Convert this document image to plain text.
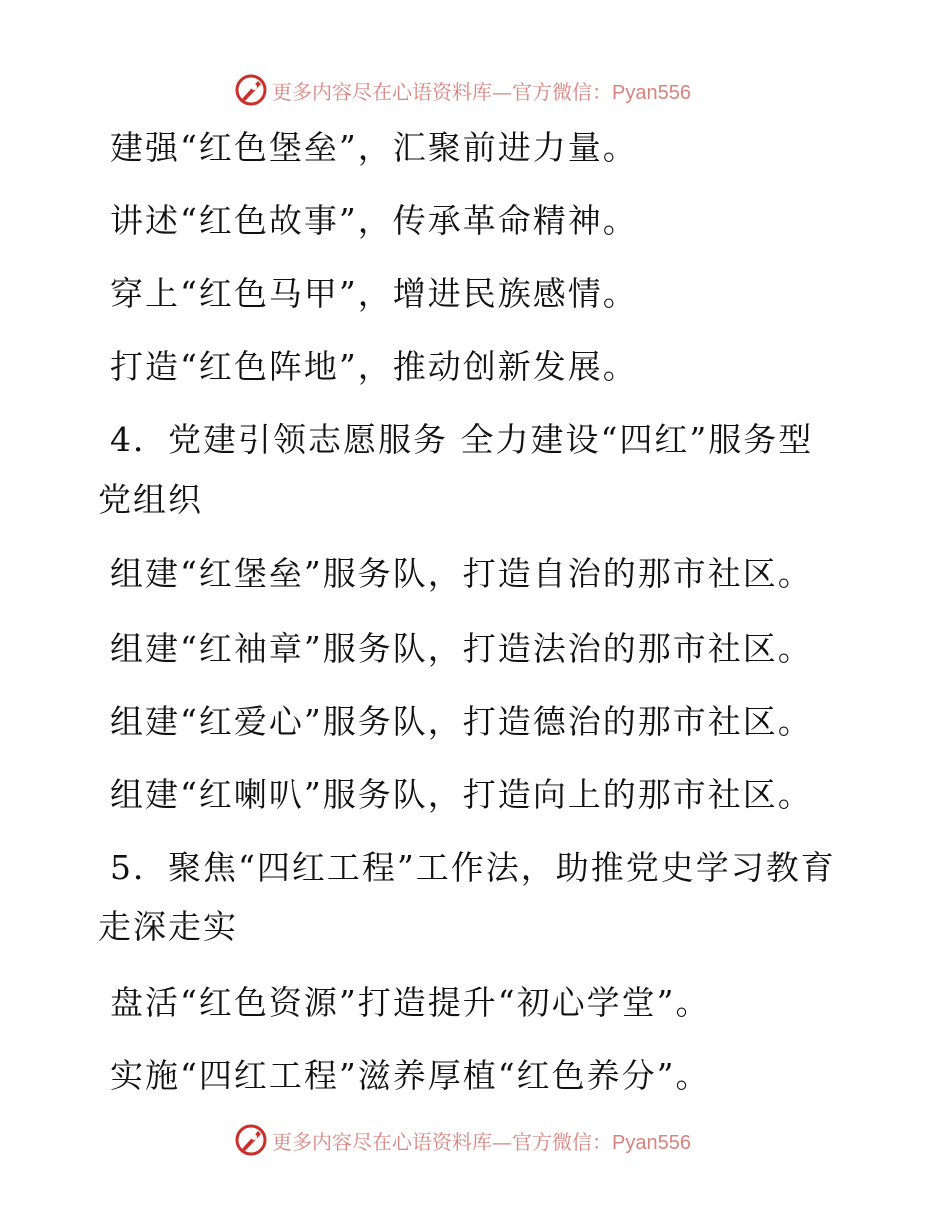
更多内容尽在心语资料库—官方微信：Pyan556
建强“红色堡垒”，汇聚前进力量。
讲述“红色故事”，传承革命精神。
穿上“红色马甲”，增进民族感情。
打造“红色阵地”，推动创新发展。
4．党建引领志愿服务 全力建设“四红”服务型
党组织
组建“红堡垒”服务队，打造自治的那市社区。
组建“红袖章”服务队，打造法治的那市社区。
组建“红爱心”服务队，打造德治的那市社区。
组建“红喇叭”服务队，打造向上的那市社区。
5．聚焦“四红工程”工作法，助推党史学习教育
走深走实
盘活“红色资源”打造提升“初心学堂”。
实施“四红工程”滋养厚植“红色养分”。
更多内容尽在心语资料库—官方微信：Pyan556
